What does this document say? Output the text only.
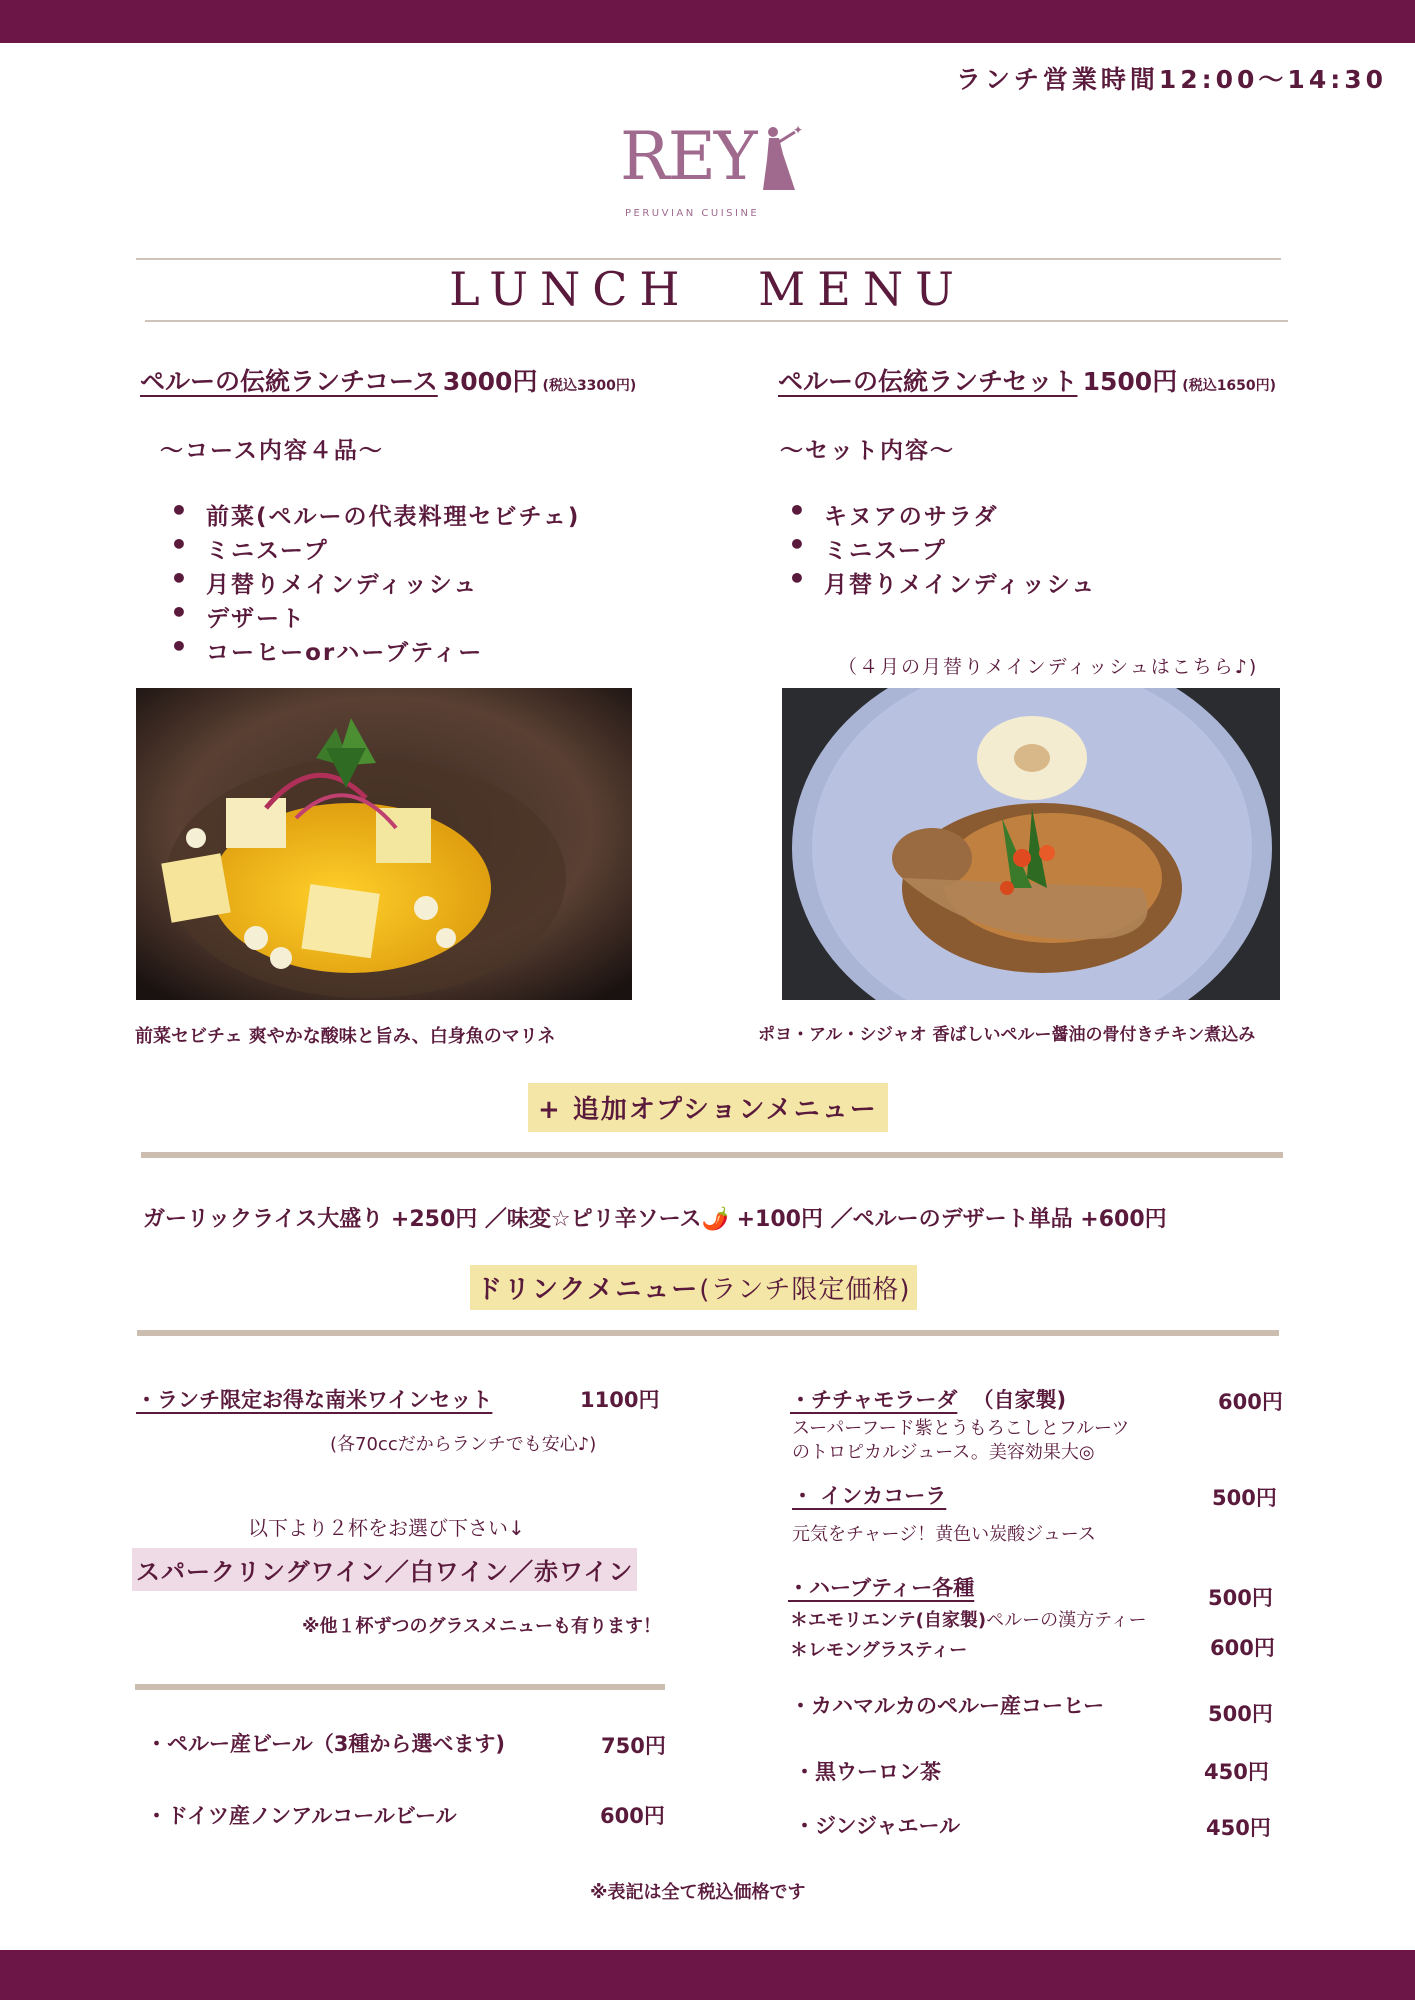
ランチ営業時間12:00〜14:30
REY	✦
PERUVIAN CUISINE
LUNCH MENU
ペルーの伝統ランチコース 3000円 (税込3300円)
〜コース内容４品〜
• 前菜(ペルーの代表料理セビチェ)
• ミニスープ
• 月替りメインディッシュ
• デザート
• コーヒーorハーブティー
前菜セビチェ 爽やかな酸味と旨み、白身魚のマリネ
ペルーの伝統ランチセット 1500円 (税込1650円)
〜セット内容〜
• キヌアのサラダ
• ミニスープ
• 月替りメインディッシュ
（４月の月替りメインディッシュはこちら♪)
ポヨ・アル・シジャオ 香ばしいペルー醤油の骨付きチキン煮込み
+ 追加オプションメニュー
ガーリックライス大盛り +250円 ／味変☆ピリ辛ソース🌶️ +100円 ／ペルーのデザート単品 +600円
ドリンクメニュー(ランチ限定価格)
・ランチ限定お得な南米ワインセット	1100円
(各70ccだからランチでも安心♪)
以下より２杯をお選び下さい↓
スパークリングワイン／白ワイン／赤ワイン
※他１杯ずつのグラスメニューも有ります！
・ペルー産ビール（3種から選べます)	750円
・ドイツ産ノンアルコールビール	600円
・チチャモラーダ （自家製)	600円
スーパーフード紫とうもろこしとフルーツ
のトロピカルジュース。美容効果大◎
・ インカコーラ	500円
元気をチャージ！黄色い炭酸ジュース
・ハーブティー各種	500円
＊エモリエンテ(自家製)ペルーの漢方ティー
＊レモングラスティー	600円
・カハマルカのペルー産コーヒー	500円
・黒ウーロン茶	450円
・ジンジャエール	450円
※表記は全て税込価格です
